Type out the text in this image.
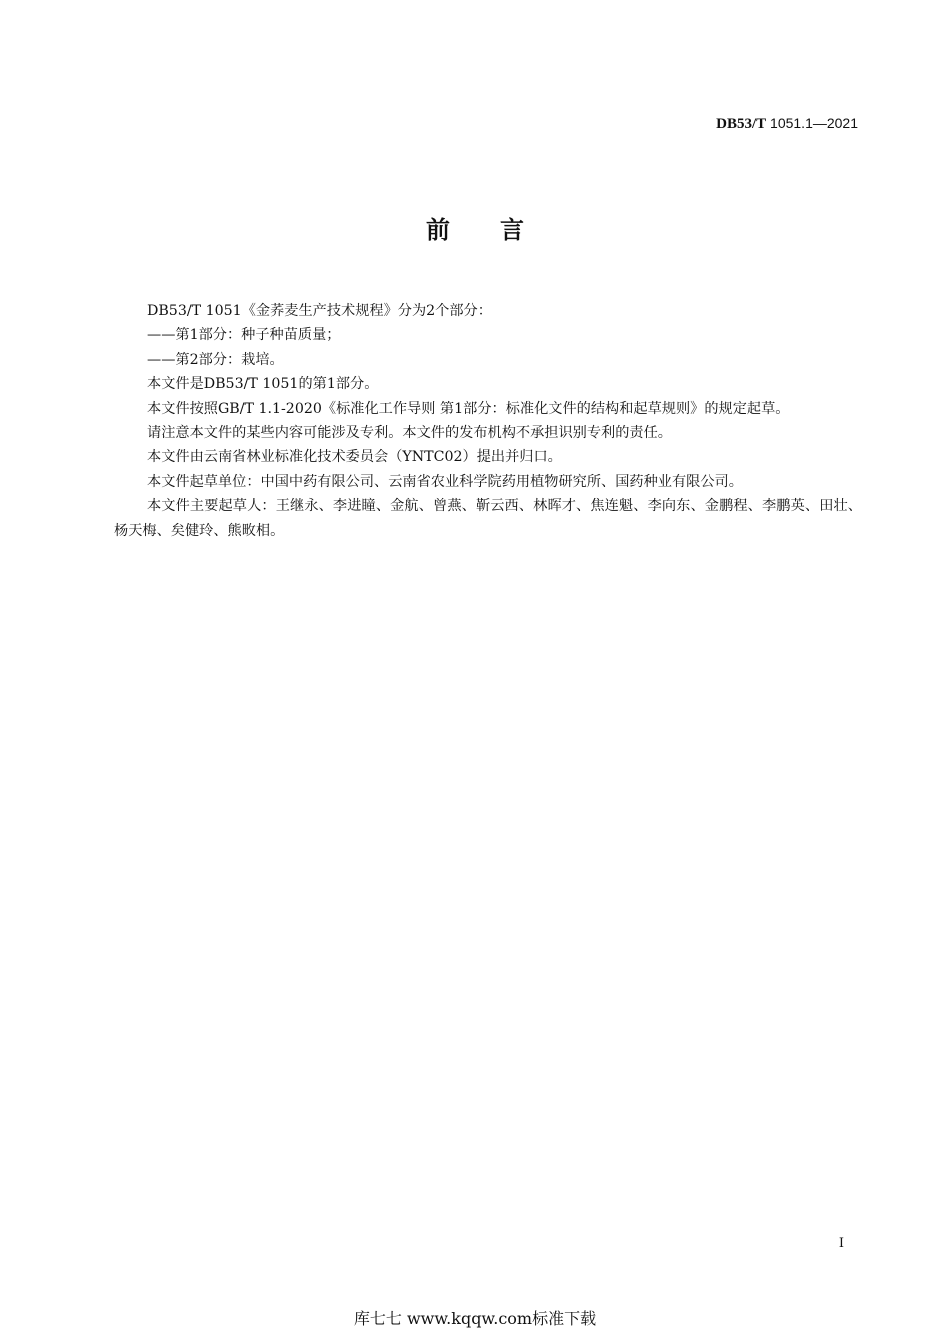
DB53/T 1051.1—2021
前言

DB53/T 1051《金荞麦生产技术规程》分为2个部分：

——第1部分：种子种苗质量；

——第2部分：栽培。

本文件是DB53/T 1051的第1部分。

本文件按照GB/T 1.1-2020《标准化工作导则 第1部分：标准化文件的结构和起草规则》的规定起草。

请注意本文件的某些内容可能涉及专利。本文件的发布机构不承担识别专利的责任。

本文件由云南省林业标准化技术委员会（YNTC02）提出并归口。

本文件起草单位：中国中药有限公司、云南省农业科学院药用植物研究所、国药种业有限公司。

本文件主要起草人：王继永、李进瞳、金航、曾燕、靳云西、林晖才、焦连魁、李向东、金鹏程、李鹏英、田壮、杨天梅、矣健玲、熊畋相。

I
库七七 www.kqqw.com标准下载
